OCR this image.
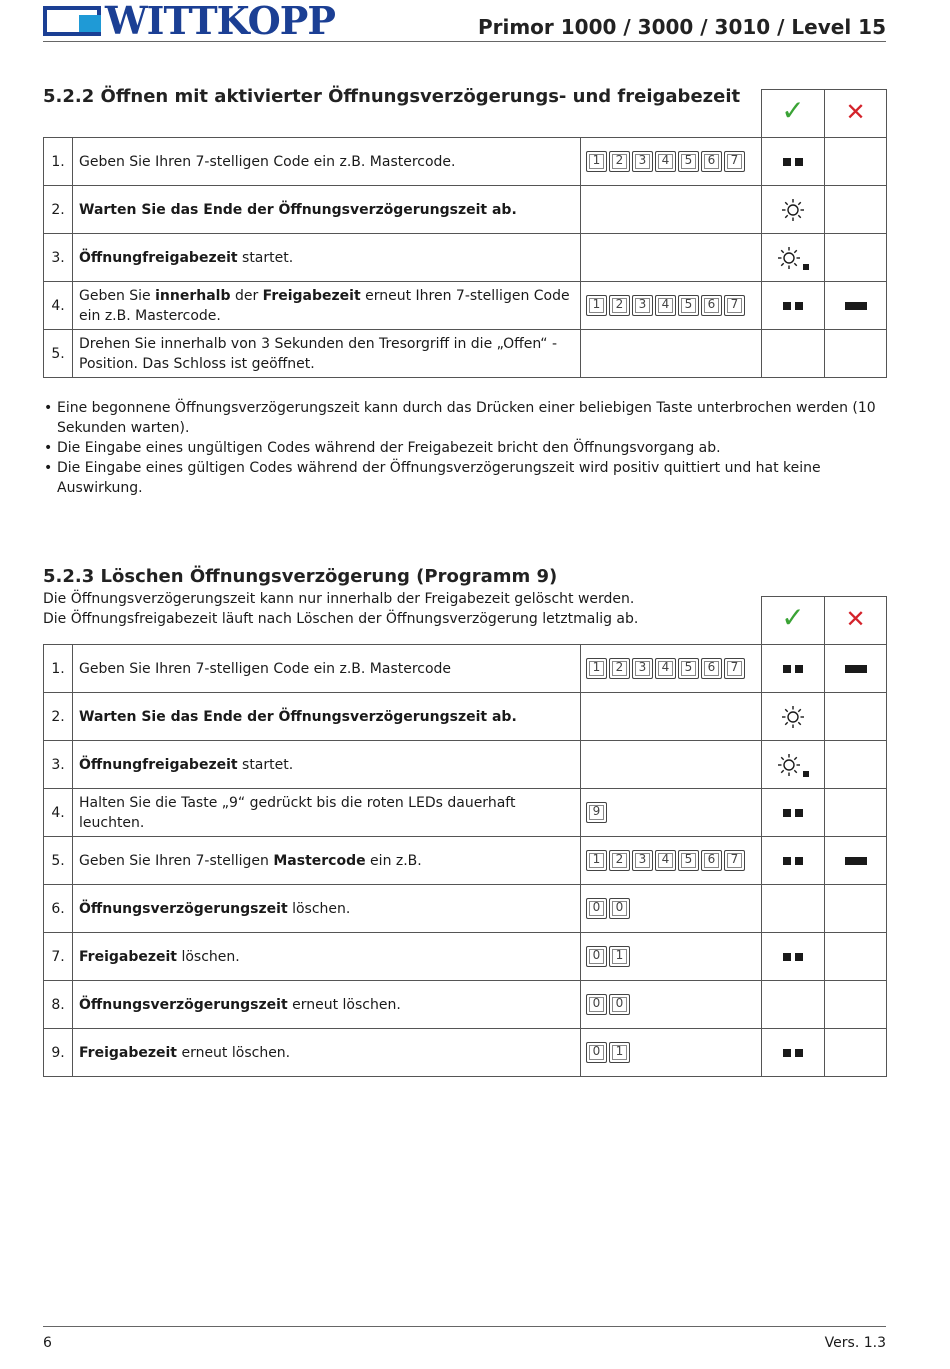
WITTKOPP	Primor 1000 / 3000 / 3010 / Level 15
5.2.2 Öffnen mit aktivierter Öffnungsverzögerungs- und freigabezeit
			✓	✕
1.	Geben Sie Ihren 7-stelligen Code ein z.B. Mastercode.	1 2 3 4 5 6 7		
2.	Warten Sie das Ende der Öffnungsverzögerungszeit ab.			
3.	Öffnungfreigabezeit startet.			
4.	Geben Sie innerhalb der Freigabezeit erneut Ihren 7-stelligen Code ein z.B. Mastercode.	1 2 3 4 5 6 7		
5.	Drehen Sie innerhalb von 3 Sekunden den Tresorgriff in die „Offen“ - Position. Das Schloss ist geöffnet.			
• Eine begonnene Öffnungsverzögerungszeit kann durch das Drücken einer beliebigen Taste unterbrochen werden (10 Sekunden warten).
• Die Eingabe eines ungültigen Codes während der Freigabezeit bricht den Öffnungsvorgang ab.
• Die Eingabe eines gültigen Codes während der Öffnungsverzögerungszeit wird positiv quittiert und hat keine Auswirkung.
5.2.3 Löschen Öffnungsverzögerung (Programm 9)
Die Öffnungsverzögerungszeit kann nur innerhalb der Freigabezeit gelöscht werden.
Die Öffnungsfreigabezeit läuft nach Löschen der Öffnungsverzögerung letztmalig ab.
				✓	✕
1.	Geben Sie Ihren 7-stelligen Code ein z.B. Mastercode	1 2 3 4 5 6 7		
2.	Warten Sie das Ende der Öffnungsverzögerungszeit ab.			
3.	Öffnungfreigabezeit startet.			
4.	Halten Sie die Taste „9“ gedrückt bis die roten LEDs dauerhaft leuchten.	9		
5.	Geben Sie Ihren 7-stelligen Mastercode ein z.B.	1 2 3 4 5 6 7		
6.	Öffnungsverzögerungszeit löschen.	0 0		
7.	Freigabezeit löschen.	0 1		
8.	Öffnungsverzögerungszeit erneut löschen.	0 0		
9.	Freigabezeit erneut löschen.	0 1		
6	Vers. 1.3
